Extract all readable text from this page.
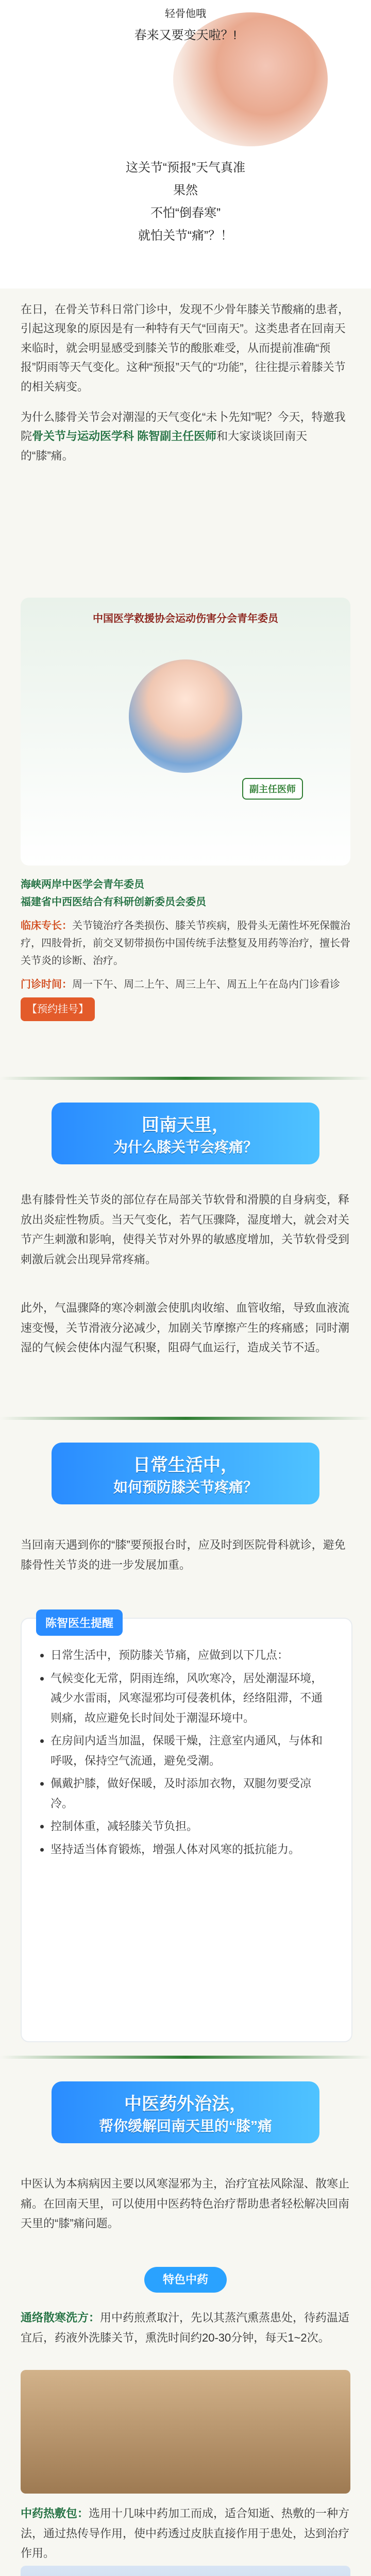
轻骨他哦
春来又要变天啦？!
这关节“预报”天气真准
果然
不怕“倒春寒”
就怕关节“痛”？！

在日，在骨关节科日常门诊中，发现不少骨年膝关节酸痛的患者，引起这现象的原因是有一种特有天气“回南天”。这类患者在回南天来临时，就会明显感受到膝关节的酸胀难受，从而提前准确“预报”阴雨等天气变化。这种“预报”天气的“功能”，往往提示着膝关节的相关病变。

为什么膝骨关节会对潮湿的天气变化“未卜先知”呢？今天，特邀我院骨关节与运动医学科 陈智副主任医师和大家谈谈回南天的“膝”痛。

中国医学救援协会运动伤害分会青年委员
副主任医师
海峡两岸中医学会青年委员
福建省中西医结合有科研创新委员会委员
临床专长：关节镜治疗各类损伤、膝关节疾病，股骨头无菌性坏死保髋治疗，四肢骨折，前交叉韧带损伤中国传统手法整复及用药等治疗，擅长骨关节炎的诊断、治疗。
门诊时间：周一下午、周二上午、周三上午、周五上午在岛内门诊看诊
【预约挂号】
回南天里，
为什么膝关节会疼痛？
患有膝骨性关节炎的部位存在局部关节软骨和滑膜的自身病变，释放出炎症性物质。当天气变化，若气压骤降，湿度增大，就会对关节产生刺激和影响，使得关节对外界的敏感度增加，关节软骨受到刺激后就会出现异常疼痛。
此外，气温骤降的寒冷刺激会使肌肉收缩、血管收缩，导致血液流速变慢，关节滑液分泌减少，加剧关节摩擦产生的疼痛感；同时潮湿的气候会使体内湿气积聚，阻碍气血运行，造成关节不适。
日常生活中，
如何预防膝关节疼痛？
当回南天遇到你的“膝”要预报台时，应及时到医院骨科就诊，避免膝骨性关节炎的进一步发展加重。
陈智医生提醒
• 日常生活中，预防膝关节痛，应做到以下几点：
• 气候变化无常，阴雨连绵，风吹寒冷，居处潮湿环境，减少水雷雨，风寒湿邪均可侵袭机体，经络阻滞，不通则痛，故应避免长时间处于潮湿环境中。
• 在房间内适当加温，保暖干燥，注意室内通风，与体和呼吸，保持空气流通，避免受潮。
• 佩戴护膝，做好保暖，及时添加衣物，双腿勿要受凉冷。
• 控制体重，减轻膝关节负担。
• 坚持适当体育锻炼，增强人体对风寒的抵抗能力。
中医药外治法，
帮你缓解回南天里的“膝”痛
中医认为本病病因主要以风寒湿邪为主，治疗宜祛风除湿、散寒止痛。在回南天里，可以使用中医药特色治疗帮助患者轻松解决回南天里的“膝”痛问题。
特色中药
通络散寒洗方：用中药煎煮取汁，先以其蒸汽熏蒸患处，待药温适宜后，药液外洗膝关节，熏洗时间约20-30分钟，每天1~2次。
中药热敷包：选用十几味中药加工而成，适合知逝、热敷的一种方法，通过热传导作用，使中药透过皮肤直接作用于患处，达到治疗作用。
